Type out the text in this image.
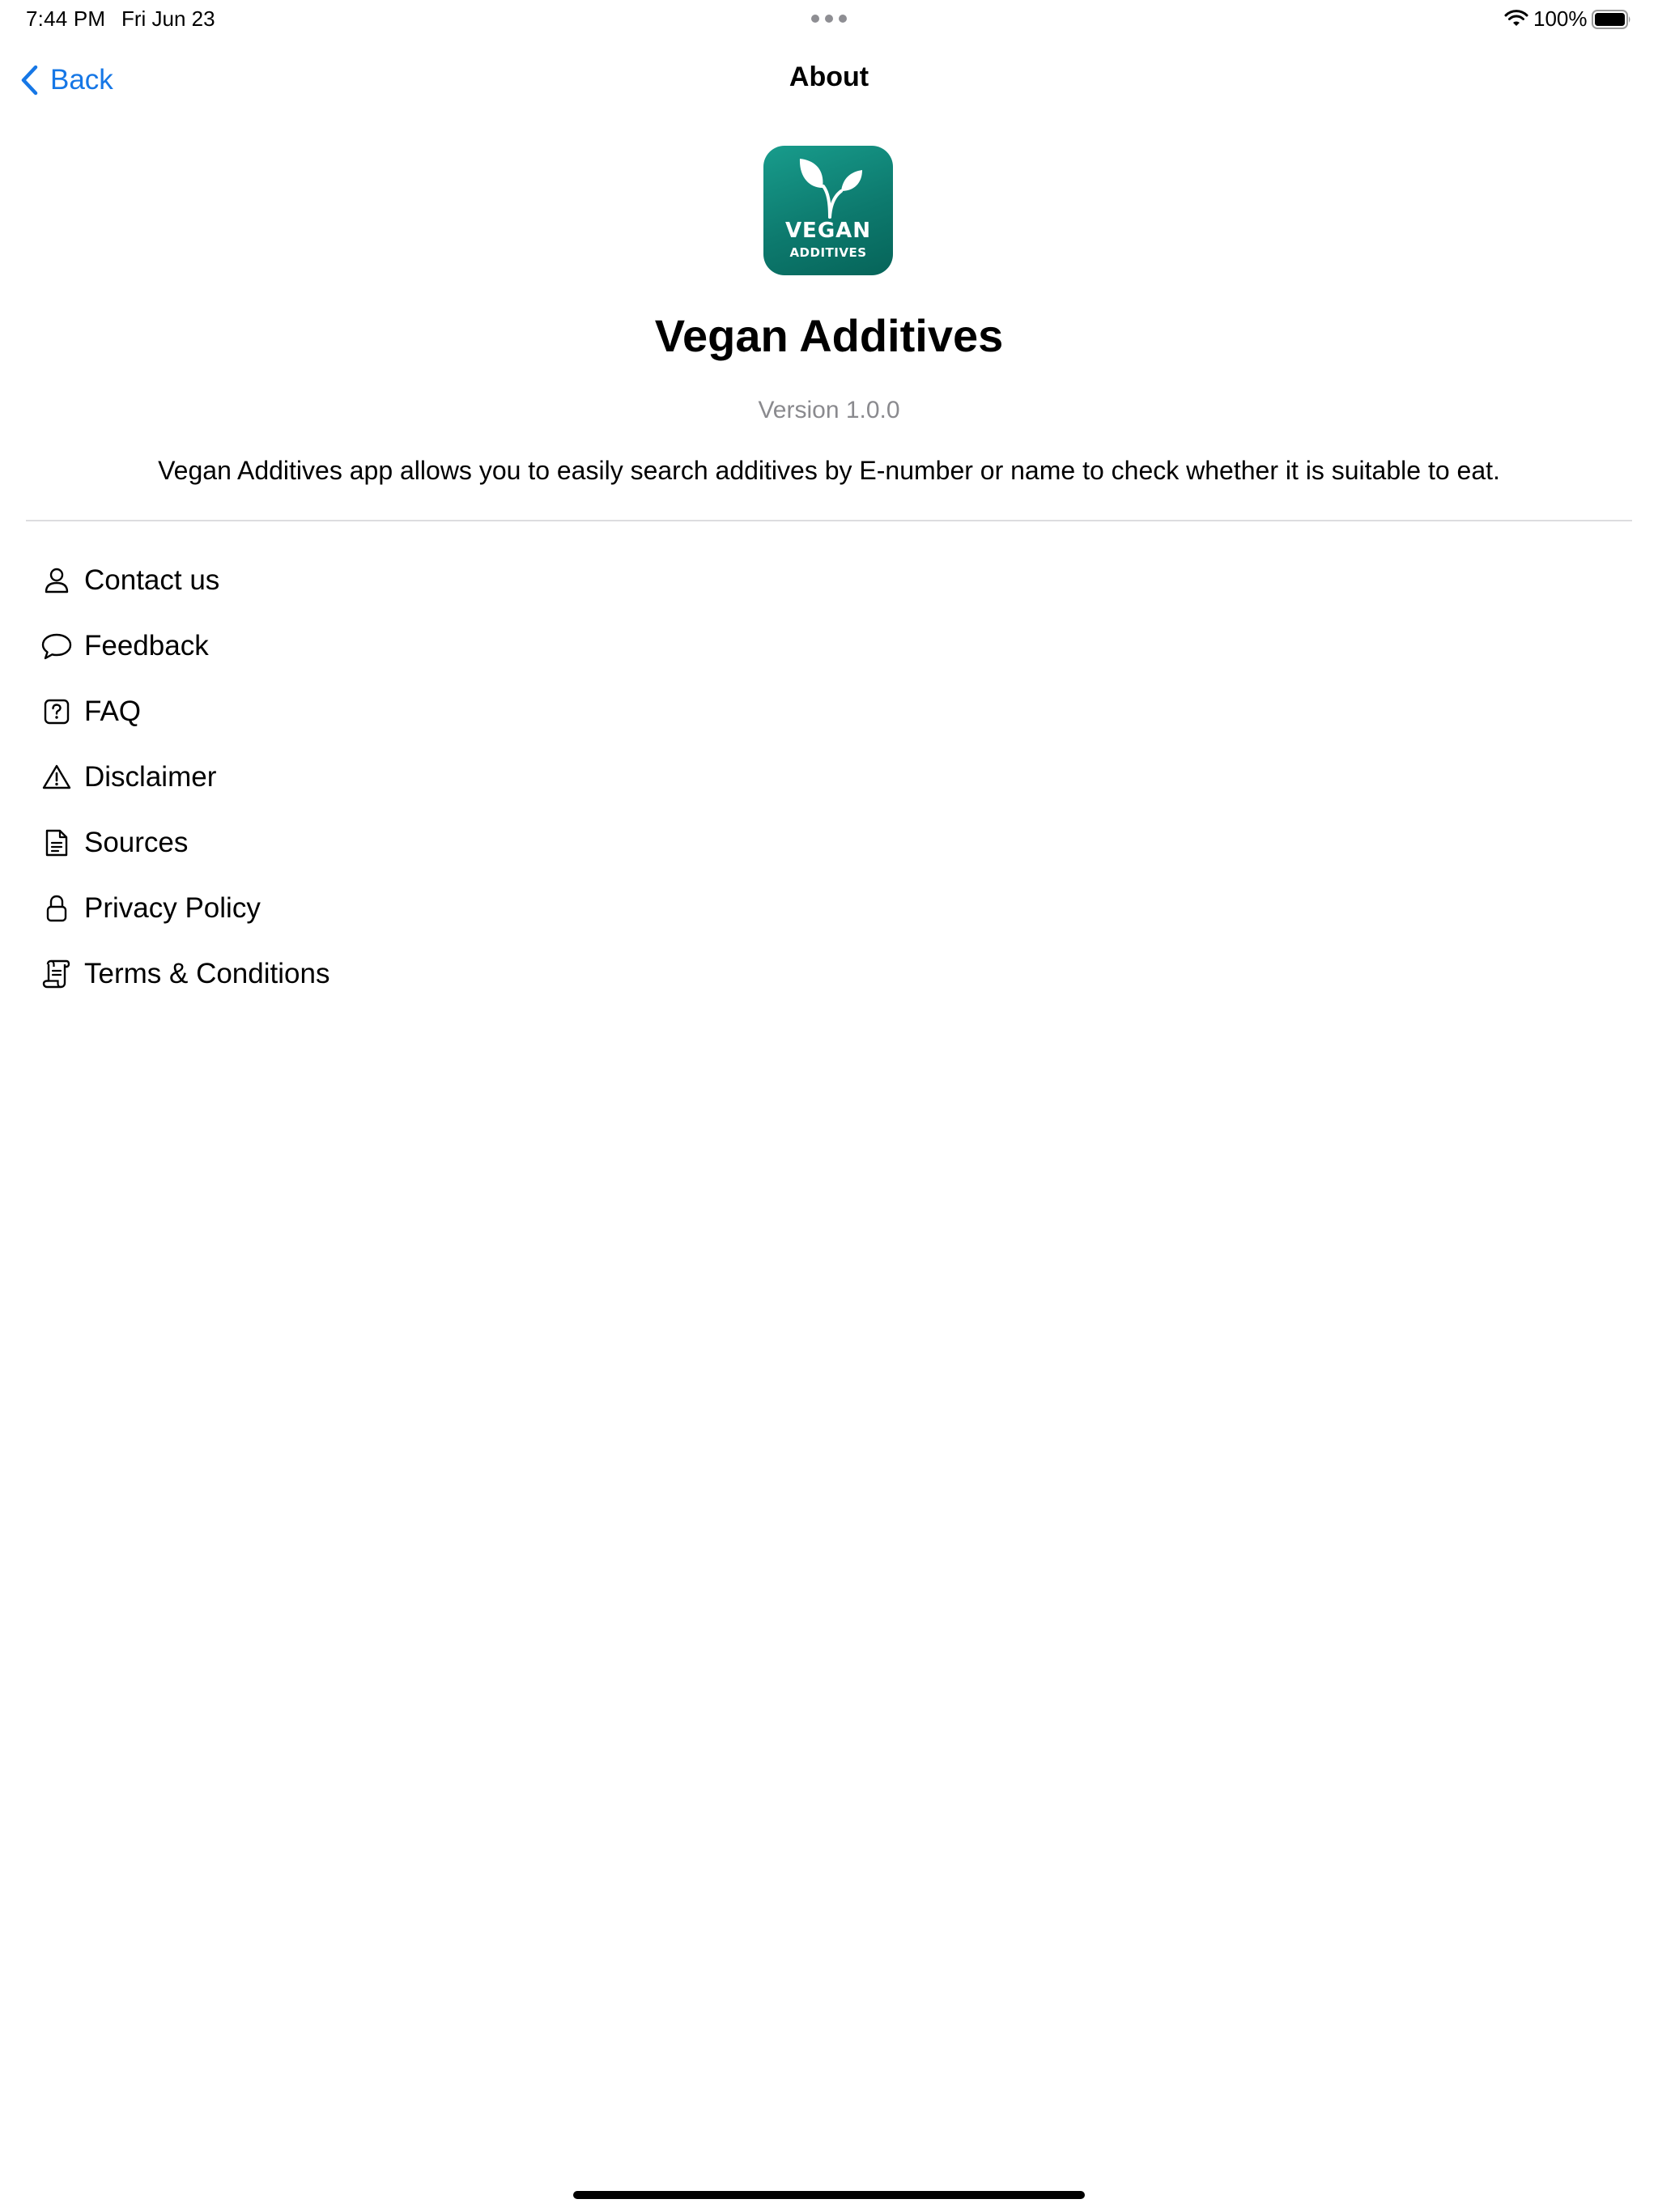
7:44 PM Fri Jun 23	100%
Back	About
VEGAN
ADDITIVES
Vegan Additives
Version 1.0.0
Vegan Additives app allows you to easily search additives by E-number or name to check whether it is suitable to eat.
Contact us
Feedback
FAQ
Disclaimer
Sources
Privacy Policy
Terms & Conditions
